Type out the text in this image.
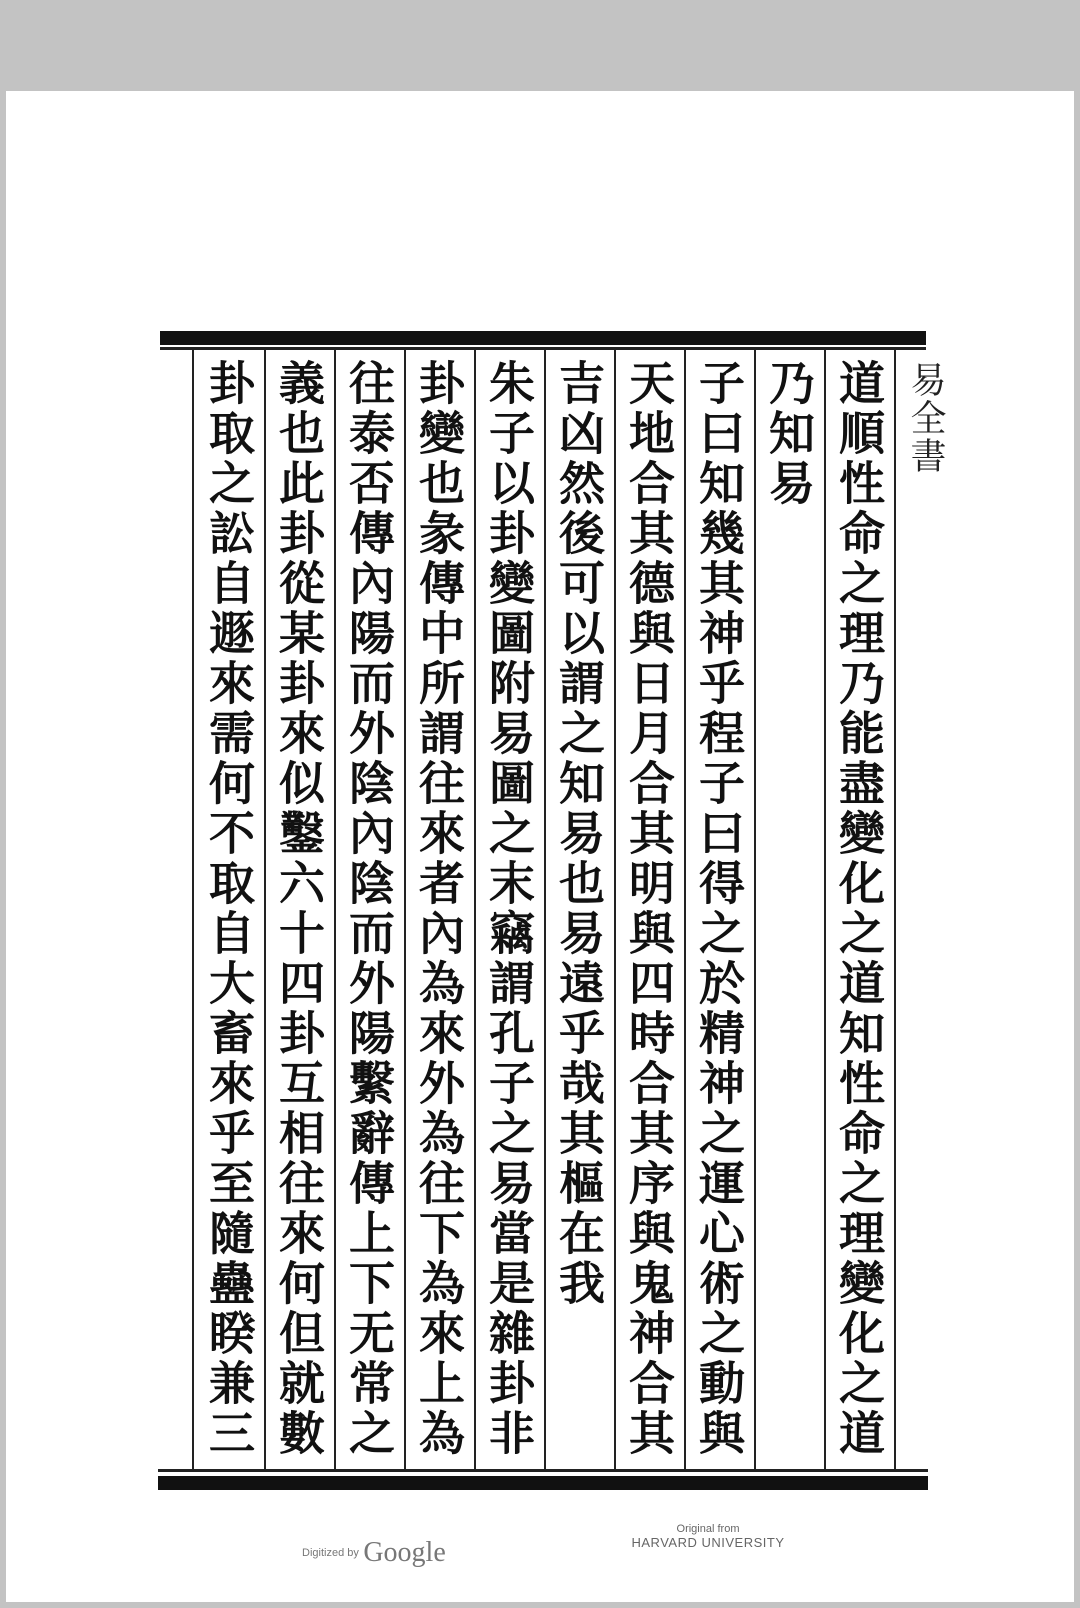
易全書
道順性命之理乃能盡變化之道知性命之理變化之道
乃知易
子曰知幾其神乎程子曰得之於精神之運心術之動與
天地合其德與日月合其明與四時合其序與鬼神合其
吉凶然後可以謂之知易也易遠乎哉其樞在我
朱子以卦變圖附易圖之末竊謂孔子之易當是雜卦非
卦變也彖傳中所謂往來者內為來外為往下為來上為
往泰否傳內陽而外陰內陰而外陽繫辭傳上下无常之
義也此卦從某卦來似鑿六十四卦互相往來何但就數
卦取之訟自遯來需何不取自大畜來乎至隨蠱睽兼三
Digitized by Google
Original from
HARVARD UNIVERSITY
